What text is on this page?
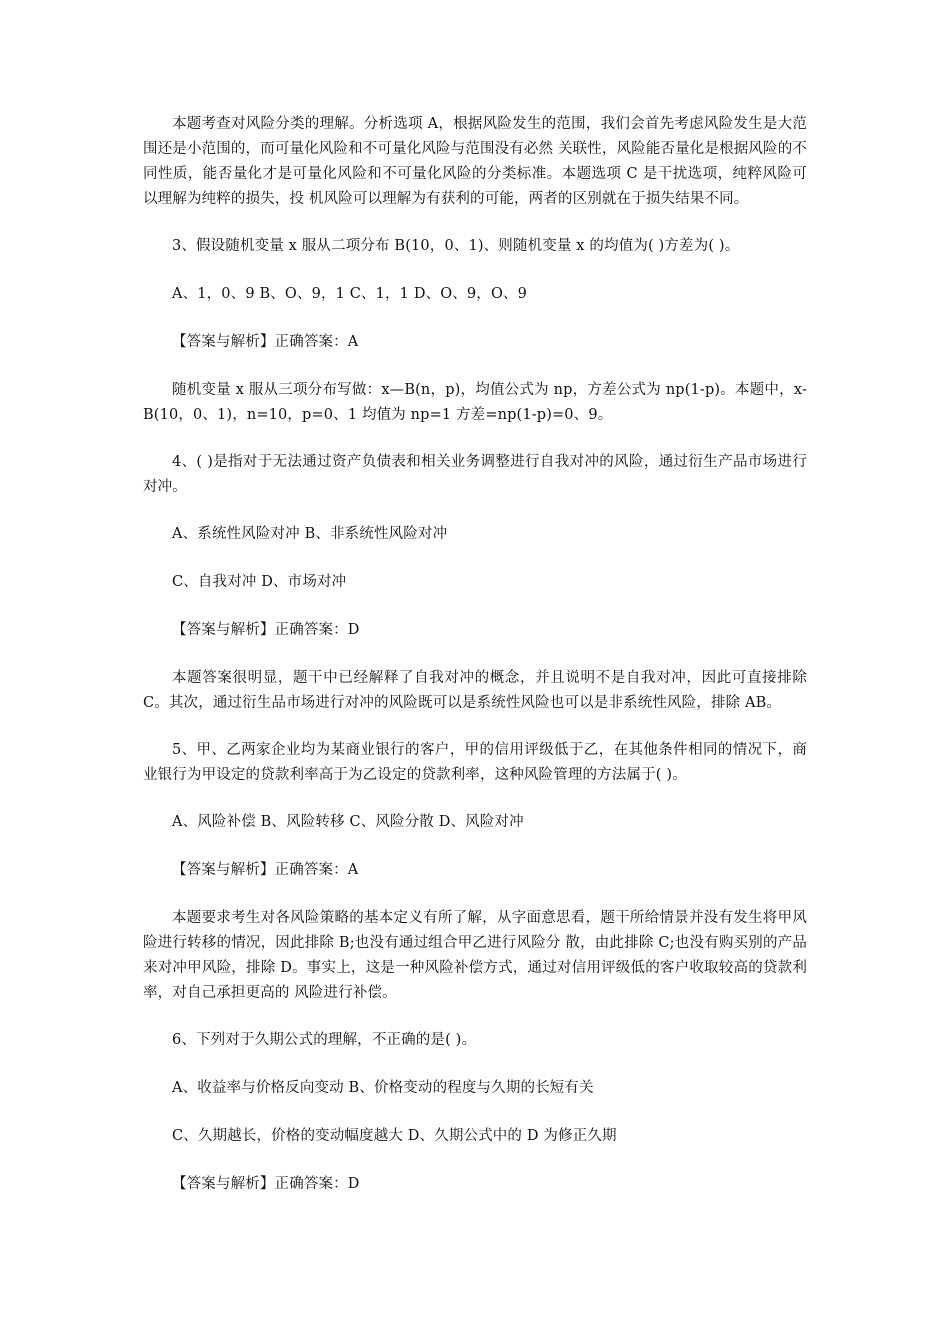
本题考查对风险分类的理解。分析选项 A，根据风险发生的范围，我们会首先考虑风险发生是大范围还是小范围的，而可量化风险和不可量化风险与范围没有必然 关联性，风险能否量化是根据风险的不同性质，能否量化才是可量化风险和不可量化风险的分类标准。本题选项 C 是干扰选项，纯粹风险可以理解为纯粹的损失，投 机风险可以理解为有获利的可能，两者的区别就在于损失结果不同。

3、假设随机变量 x 服从二项分布 B(10，0、1)、则随机变量 x 的均值为( )方差为( )。

A、1，0、9 B、O、9，1 C、1，1 D、O、9，O、9

【答案与解析】正确答案：A

随机变量 x 服从三项分布写做：x—B(n，p)，均值公式为 np，方差公式为 np(1-p)。本题中，x-B(10，0、1)，n=10，p=0、1 均值为 np=1 方差=np(1-p)=0、9。

4、( )是指对于无法通过资产负债表和相关业务调整进行自我对冲的风险，通过衍生产品市场进行对冲。

A、系统性风险对冲 B、非系统性风险对冲

C、自我对冲 D、市场对冲

【答案与解析】正确答案：D

本题答案很明显，题干中已经解释了自我对冲的概念，并且说明不是自我对冲，因此可直接排除 C。其次，通过衍生品市场进行对冲的风险既可以是系统性风险也可以是非系统性风险，排除 AB。

5、甲、乙两家企业均为某商业银行的客户，甲的信用评级低于乙，在其他条件相同的情况下，商业银行为甲设定的贷款利率高于为乙设定的贷款利率，这种风险管理的方法属于( )。

A、风险补偿 B、风险转移 C、风险分散 D、风险对冲

【答案与解析】正确答案：A

本题要求考生对各风险策略的基本定义有所了解，从字面意思看，题干所给情景并没有发生将甲风险进行转移的情况，因此排除 B;也没有通过组合甲乙进行风险分 散，由此排除 C;也没有购买别的产品来对冲甲风险，排除 D。事实上，这是一种风险补偿方式，通过对信用评级低的客户收取较高的贷款利率，对自己承担更高的 风险进行补偿。

6、下列对于久期公式的理解，不正确的是( )。

A、收益率与价格反向变动 B、价格变动的程度与久期的长短有关

C、久期越长，价格的变动幅度越大 D、久期公式中的 D 为修正久期

【答案与解析】正确答案：D
